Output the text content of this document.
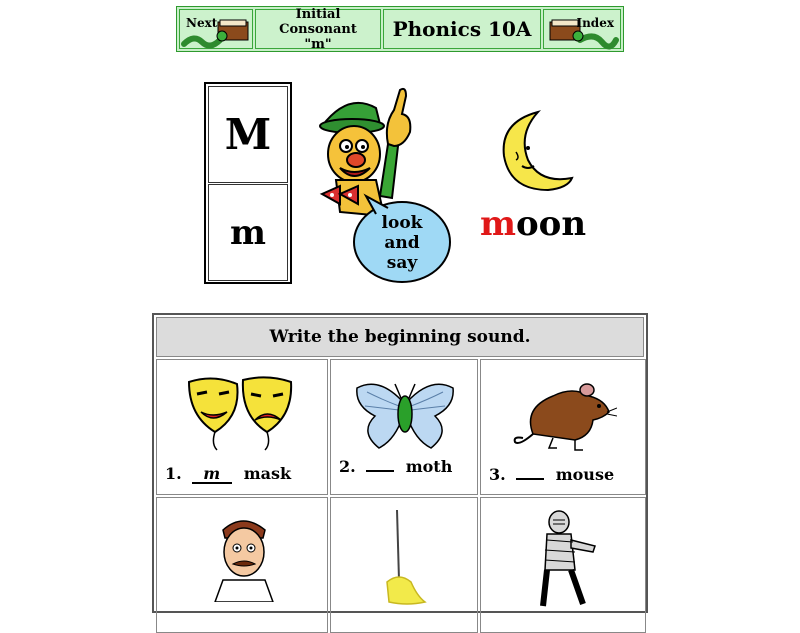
Next
Initial Consonant
"m"
Phonics 10A	Index
M
m	look
and
say
moon
Write the beginning sound.
1.	m	mask	2.	moth 3.	mouse
